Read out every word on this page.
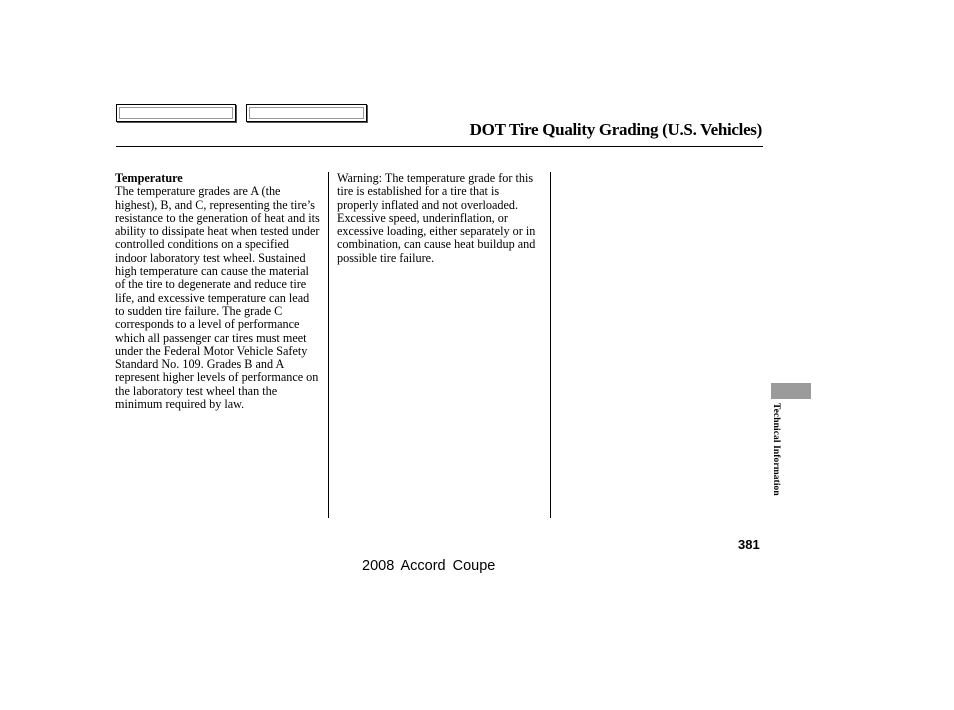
DOT Tire Quality Grading (U.S. Vehicles)
Temperature

The temperature grades are A (the highest), B, and C, representing the tire’s resistance to the generation of heat and its ability to dissipate heat when tested under controlled conditions on a specified indoor laboratory test wheel. Sustained high temperature can cause the material of the tire to degenerate and reduce tire life, and excessive temperature can lead to sudden tire failure. The grade C corresponds to a level of performance which all passenger car tires must meet under the Federal Motor Vehicle Safety Standard No. 109. Grades B and A represent higher levels of performance on the laboratory test wheel than the minimum required by law.

Warning: The temperature grade for this tire is established for a tire that is properly inflated and not overloaded. Excessive speed, underinflation, or excessive loading, either separately or in combination, can cause heat buildup and possible tire failure.

Technical Information
381
2008 Accord Coupe
